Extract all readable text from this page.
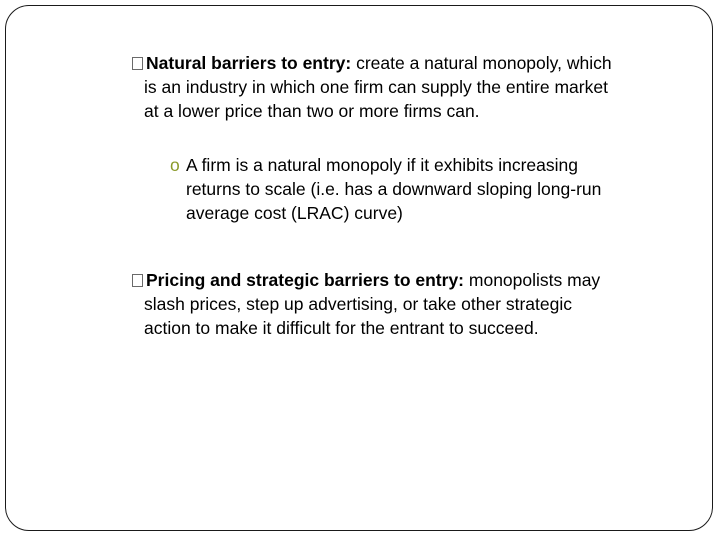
Natural barriers to entry: create a natural monopoly, which
is an industry in which one firm can supply the entire market
at a lower price than two or more firms can.
o A firm is a natural monopoly if it exhibits increasing
returns to scale (i.e. has a downward sloping long-run
average cost (LRAC) curve)
Pricing and strategic barriers to entry: monopolists may
slash prices, step up advertising, or take other strategic
action to make it difficult for the entrant to succeed.
